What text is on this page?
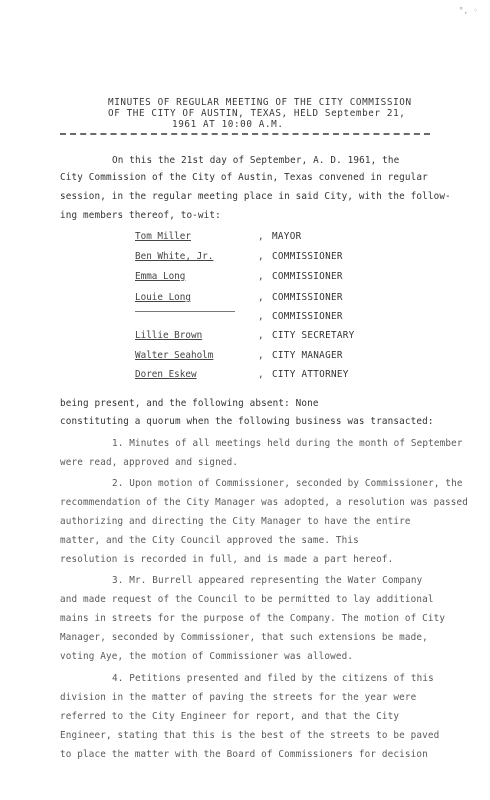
°, ◦
MINUTES OF REGULAR MEETING OF THE CITY COMMISSION
OF THE CITY OF AUSTIN, TEXAS, HELD September 21,
1961 AT 10:00 A.M.
On this the 21st day of September, A. D. 1961, the
City Commission of the City of Austin, Texas convened in regular
session, in the regular meeting place in said City, with the follow-
ing members thereof, to-wit:
Tom Miller	, MAYOR
Ben White, Jr.	, COMMISSIONER
Emma Long	, COMMISSIONER
Louie Long	, COMMISSIONER
, COMMISSIONER
Lillie Brown	, CITY SECRETARY
Walter Seaholm	, CITY MANAGER
Doren Eskew	, CITY ATTORNEY
being present, and the following absent: None
constituting a quorum when the following business was transacted:
1. Minutes of all meetings held during the month of September
were read, approved and signed.
2. Upon motion of Commissioner, seconded by Commissioner, the
recommendation of the City Manager was adopted, a resolution was passed
authorizing and directing the City Manager to have the entire
matter, and the City Council approved the same. This
resolution is recorded in full, and is made a part hereof.
3. Mr. Burrell appeared representing the Water Company
and made request of the Council to be permitted to lay additional
mains in streets for the purpose of the Company. The motion of City
Manager, seconded by Commissioner, that such extensions be made,
voting Aye, the motion of Commissioner was allowed.
4. Petitions presented and filed by the citizens of this
division in the matter of paving the streets for the year were
referred to the City Engineer for report, and that the City
Engineer, stating that this is the best of the streets to be paved
to place the matter with the Board of Commissioners for decision
